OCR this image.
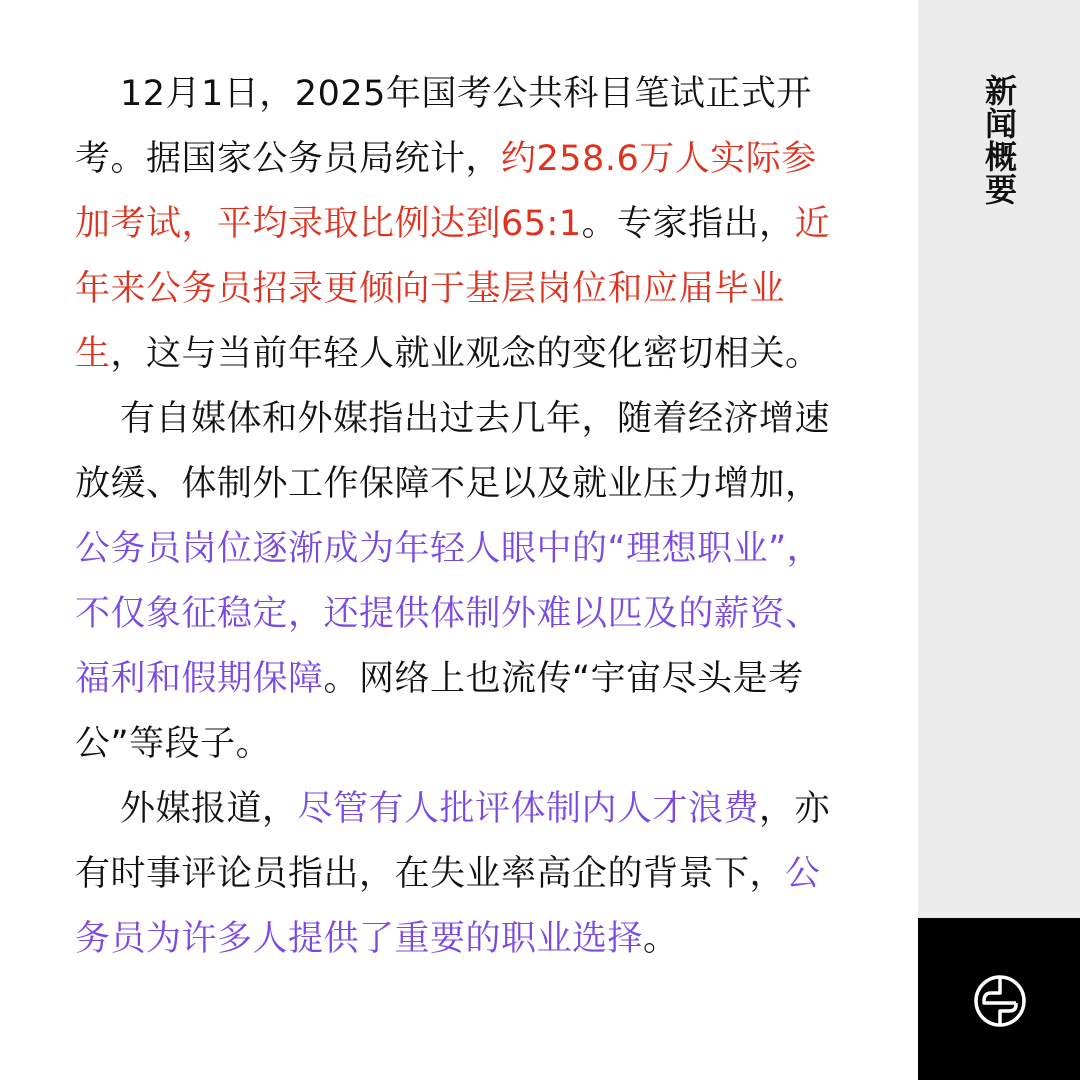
12月1日，2025年国考公共科目笔试正式开考。据国家公务员局统计，约258.6万人实际参加考试，平均录取比例达到65:1。专家指出，近年来公务员招录更倾向于基层岗位和应届毕业生，这与当前年轻人就业观念的变化密切相关。

有自媒体和外媒指出过去几年，随着经济增速放缓、体制外工作保障不足以及就业压力增加，公务员岗位逐渐成为年轻人眼中的“理想职业”，不仅象征稳定，还提供体制外难以匹及的薪资、福利和假期保障。网络上也流传“宇宙尽头是考公”等段子。

外媒报道，尽管有人批评体制内人才浪费，亦有时事评论员指出，在失业率高企的背景下，公务员为许多人提供了重要的职业选择。

新闻概要
